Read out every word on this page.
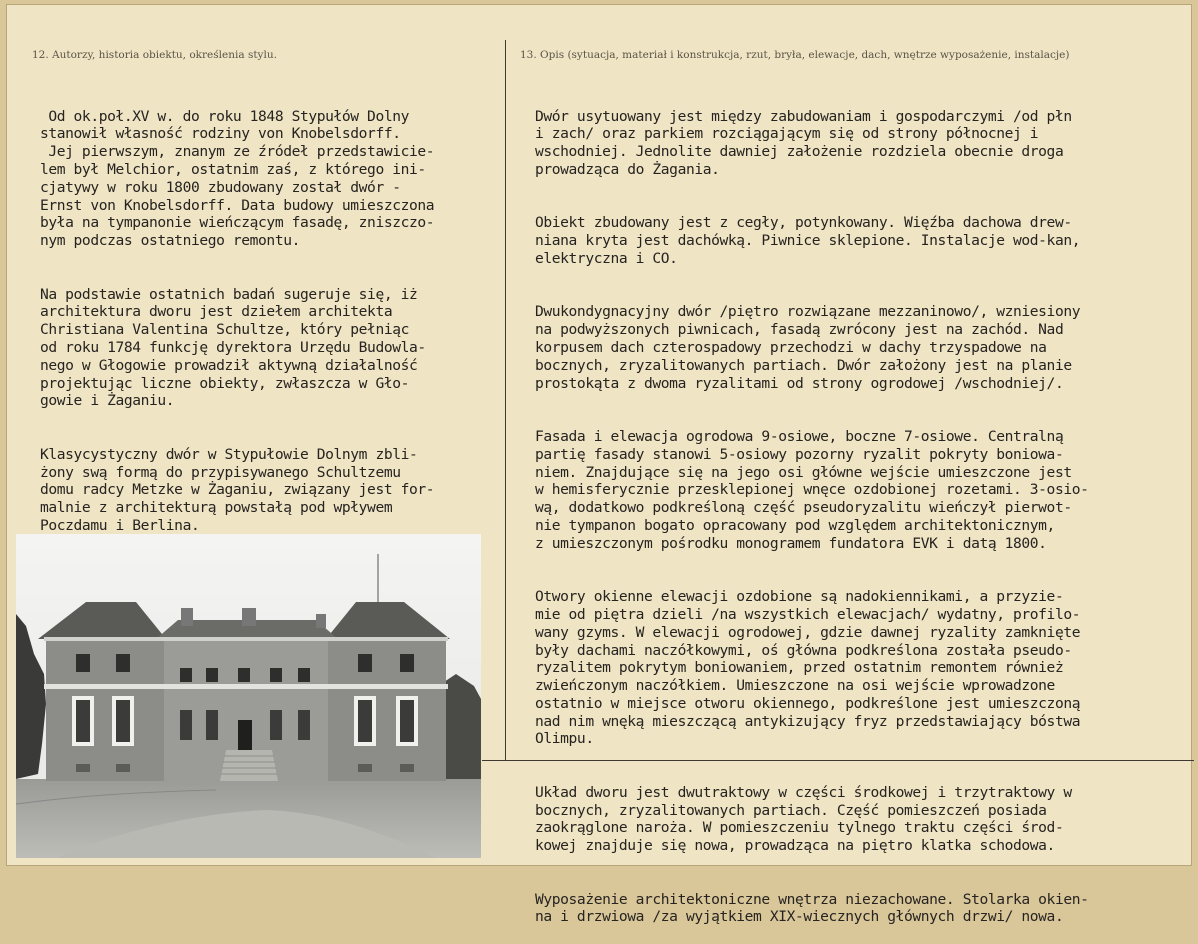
12. Autorzy, historia obiektu, określenia stylu.	13. Opis (sytuacja, materiał i konstrukcja, rzut, bryła, elewacje, dach, wnętrze wyposażenie, instalacje)

Od ok.poł.XV w. do roku 1848 Stypułów Dolny
stanowił własność rodziny von Knobelsdorff.
Jej pierwszym, znanym ze źródeł przedstawicie-
lem był Melchior, ostatnim zaś, z którego ini-
cjatywy w roku 1800 zbudowany został dwór -
Ernst von Knobelsdorff. Data budowy umieszczona
była na tympanonie wieńczącym fasadę, zniszczo-
nym podczas ostatniego remontu.

Na podstawie ostatnich badań sugeruje się, iż
architektura dworu jest dziełem architekta
Christiana Valentina Schultze, który pełniąc
od roku 1784 funkcję dyrektora Urzędu Budowla-
nego w Głogowie prowadził aktywną działalność
projektując liczne obiekty, zwłaszcza w Gło-
gowie i Żaganiu.

Klasycystyczny dwór w Stypułowie Dolnym zbli-
żony swą formą do przypisywanego Schultzemu
domu radcy Metzke w Żaganiu, związany jest for-
malnie z architekturą powstałą pod wpływem
Poczdamu i Berlina.

Dwór usytuowany jest między zabudowaniam i gospodarczymi /od płn
i zach/ oraz parkiem rozciągającym się od strony północnej i
wschodniej. Jednolite dawniej założenie rozdziela obecnie droga
prowadząca do Żagania.

Obiekt zbudowany jest z cegły, potynkowany. Więźba dachowa drew-
niana kryta jest dachówką. Piwnice sklepione. Instalacje wod-kan,
elektryczna i CO.

Dwukondygnacyjny dwór /piętro rozwiązane mezzaninowo/, wzniesiony
na podwyższonych piwnicach, fasadą zwrócony jest na zachód. Nad
korpusem dach czterospadowy przechodzi w dachy trzyspadowe na
bocznych, zryzalitowanych partiach. Dwór założony jest na planie
prostokąta z dwoma ryzalitami od strony ogrodowej /wschodniej/.

Fasada i elewacja ogrodowa 9-osiowe, boczne 7-osiowe. Centralną
partię fasady stanowi 5-osiowy pozorny ryzalit pokryty boniowa-
niem. Znajdujące się na jego osi główne wejście umieszczone jest
w hemisferycznie przesklepionej wnęce ozdobionej rozetami. 3-osio-
wą, dodatkowo podkreśloną część pseudoryzalitu wieńczył pierwot-
nie tympanon bogato opracowany pod względem architektonicznym,
z umieszczonym pośrodku monogramem fundatora EVK i datą 1800.

Otwory okienne elewacji ozdobione są nadokiennikami, a przyzie-
mie od piętra dzieli /na wszystkich elewacjach/ wydatny, profilo-
wany gzyms. W elewacji ogrodowej, gdzie dawnej ryzality zamknięte
były dachami naczółkowymi, oś główna podkreślona została pseudo-
ryzalitem pokrytym boniowaniem, przed ostatnim remontem również
zwieńczonym naczółkiem. Umieszczone na osi wejście wprowadzone
ostatnio w miejsce otworu okiennego, podkreślone jest umieszczoną
nad nim wnęką mieszczącą antykizujący fryz przedstawiający bóstwa
Olimpu.

Układ dworu jest dwutraktowy w części środkowej i trzytraktowy w
bocznych, zryzalitowanych partiach. Część pomieszczeń posiada
zaokrąglone naroża. W pomieszczeniu tylnego traktu części środ-
kowej znajduje się nowa, prowadząca na piętro klatka schodowa.

Wyposażenie architektoniczne wnętrza niezachowane. Stolarka okien-
na i drzwiowa /za wyjątkiem XIX-wiecznych głównych drzwi/ nowa.
